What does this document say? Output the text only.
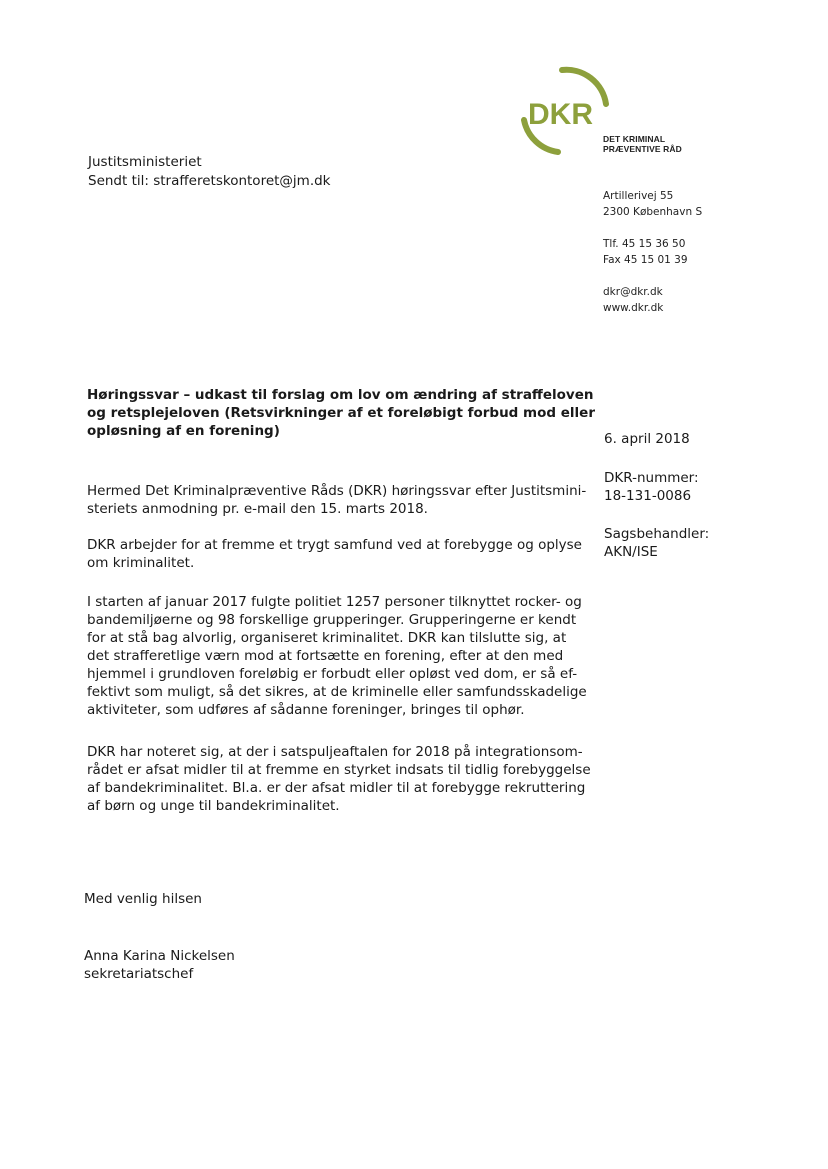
DKR
DET KRIMINAL
PRÆVENTIVE RÅD
Justitsministeriet
Sendt til: strafferetskontoret@jm.dk
Artillerivej 55
2300 København S
Tlf. 45 15 36 50
Fax 45 15 01 39
dkr@dkr.dk
www.dkr.dk
Høringssvar – udkast til forslag om lov om ændring af straffeloven
og retsplejeloven (Retsvirkninger af et foreløbigt forbud mod eller
opløsning af en forening)	6. april 2018
DKR-nummer:
18-131-0086
Sagsbehandler:
AKN/ISE
Hermed Det Kriminalpræventive Råds (DKR) høringssvar efter Justitsmini-
steriets anmodning pr. e-mail den 15. marts 2018.
DKR arbejder for at fremme et trygt samfund ved at forebygge og oplyse
om kriminalitet.
I starten af januar 2017 fulgte politiet 1257 personer tilknyttet rocker- og
bandemiljøerne og 98 forskellige grupperinger. Grupperingerne er kendt
for at stå bag alvorlig, organiseret kriminalitet. DKR kan tilslutte sig, at
det strafferetlige værn mod at fortsætte en forening, efter at den med
hjemmel i grundloven foreløbig er forbudt eller opløst ved dom, er så ef-
fektivt som muligt, så det sikres, at de kriminelle eller samfundsskadelige
aktiviteter, som udføres af sådanne foreninger, bringes til ophør.
DKR har noteret sig, at der i satspuljeaftalen for 2018 på integrationsom-
rådet er afsat midler til at fremme en styrket indsats til tidlig forebyggelse
af bandekriminalitet. Bl.a. er der afsat midler til at forebygge rekruttering
af børn og unge til bandekriminalitet.
Med venlig hilsen
Anna Karina Nickelsen
sekretariatschef
